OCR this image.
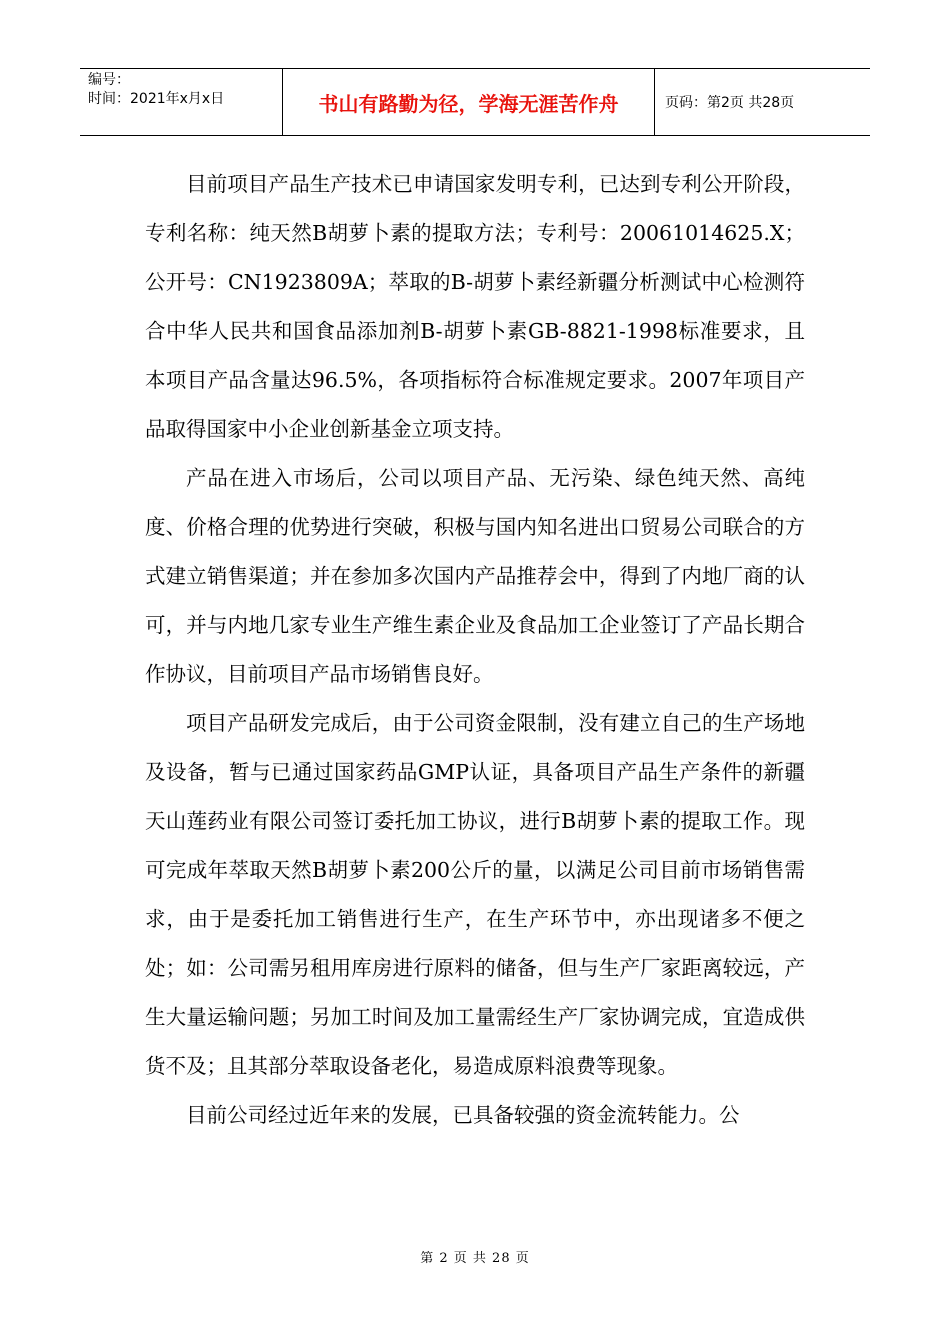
编号：
时间：2021年x月x日	书山有路勤为径，学海无涯苦作舟	页码：第2页 共28页

目前项目产品生产技术已申请国家发明专利，已达到专利公开阶段，专利名称：纯天然B胡萝卜素的提取方法；专利号：20061014625.X；公开号：CN1923809A；萃取的B-胡萝卜素经新疆分析测试中心检测符合中华人民共和国食品添加剂B-胡萝卜素GB-8821-1998标准要求，且本项目产品含量达96.5%，各项指标符合标准规定要求。2007年项目产品取得国家中小企业创新基金立项支持。

产品在进入市场后，公司以项目产品、无污染、绿色纯天然、高纯度、价格合理的优势进行突破，积极与国内知名进出口贸易公司联合的方式建立销售渠道；并在参加多次国内产品推荐会中，得到了内地厂商的认可，并与内地几家专业生产维生素企业及食品加工企业签订了产品长期合作协议，目前项目产品市场销售良好。

项目产品研发完成后，由于公司资金限制，没有建立自己的生产场地及设备，暂与已通过国家药品GMP认证，具备项目产品生产条件的新疆天山莲药业有限公司签订委托加工协议，进行B胡萝卜素的提取工作。现可完成年萃取天然B胡萝卜素200公斤的量，以满足公司目前市场销售需求，由于是委托加工销售进行生产，在生产环节中，亦出现诸多不便之处；如：公司需另租用库房进行原料的储备，但与生产厂家距离较远，产生大量运输问题；另加工时间及加工量需经生产厂家协调完成，宜造成供货不及；且其部分萃取设备老化，易造成原料浪费等现象。

目前公司经过近年来的发展，已具备较强的资金流转能力。公

第 2 页 共 28 页
